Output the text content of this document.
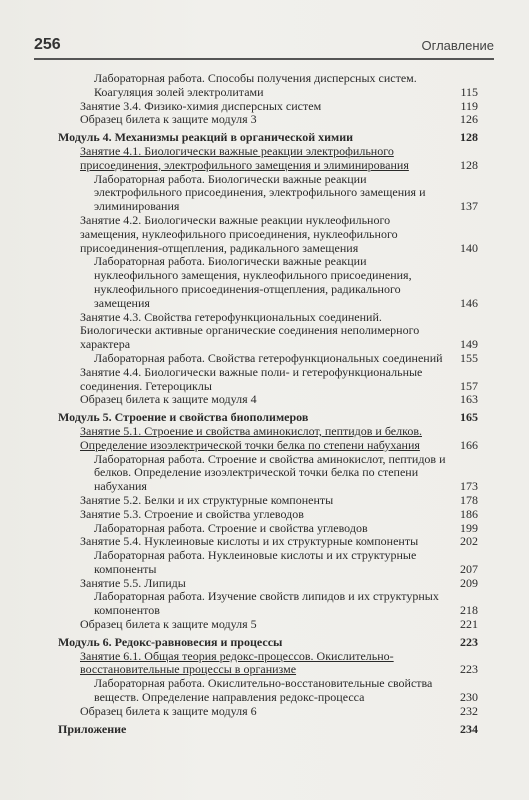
256	Оглавление
Лабораторная работа. Способы получения дисперсных систем. Коагуляция золей электролитами	115
Занятие 3.4. Физико-химия дисперсных систем	119
Образец билета к защите модуля 3	126
Модуль 4. Механизмы реакций в органической химии	128
Занятие 4.1. Биологически важные реакции электрофильного присоединения, электрофильного замещения и элиминирования	128
Лабораторная работа. Биологически важные реакции электрофильного присоединения, электрофильного замещения и элиминирования	137
Занятие 4.2. Биологически важные реакции нуклеофильного замещения, нуклеофильного присоединения, нуклеофильного присоединения-отщепления, радикального замещения	140
Лабораторная работа. Биологически важные реакции нуклеофильного замещения, нуклеофильного присоединения, нуклеофильного присоединения-отщепления, радикального замещения	146
Занятие 4.3. Свойства гетерофункциональных соединений. Биологически активные органические соединения неполимерного характера	149
Лабораторная работа. Свойства гетерофункциональных соединений	155
Занятие 4.4. Биологически важные поли- и гетерофункциональные соединения. Гетероциклы	157
Образец билета к защите модуля 4	163
Модуль 5. Строение и свойства биополимеров	165
Занятие 5.1. Строение и свойства аминокислот, пептидов и белков. Определение изоэлектрической точки белка по степени набухания	166
Лабораторная работа. Строение и свойства аминокислот, пептидов и белков. Определение изоэлектрической точки белка по степени набухания	173
Занятие 5.2. Белки и их структурные компоненты	178
Занятие 5.3. Строение и свойства углеводов	186
Лабораторная работа. Строение и свойства углеводов	199
Занятие 5.4. Нуклеиновые кислоты и их структурные компоненты	202
Лабораторная работа. Нуклеиновые кислоты и их структурные компоненты	207
Занятие 5.5. Липиды	209
Лабораторная работа. Изучение свойств липидов и их структурных компонентов	218
Образец билета к защите модуля 5	221
Модуль 6. Редокс-равновесия и процессы	223
Занятие 6.1. Общая теория редокс-процессов. Окислительно-восстановительные процессы в организме	223
Лабораторная работа. Окислительно-восстановительные свойства веществ. Определение направления редокс-процесса	230
Образец билета к защите модуля 6	232
Приложение	234
